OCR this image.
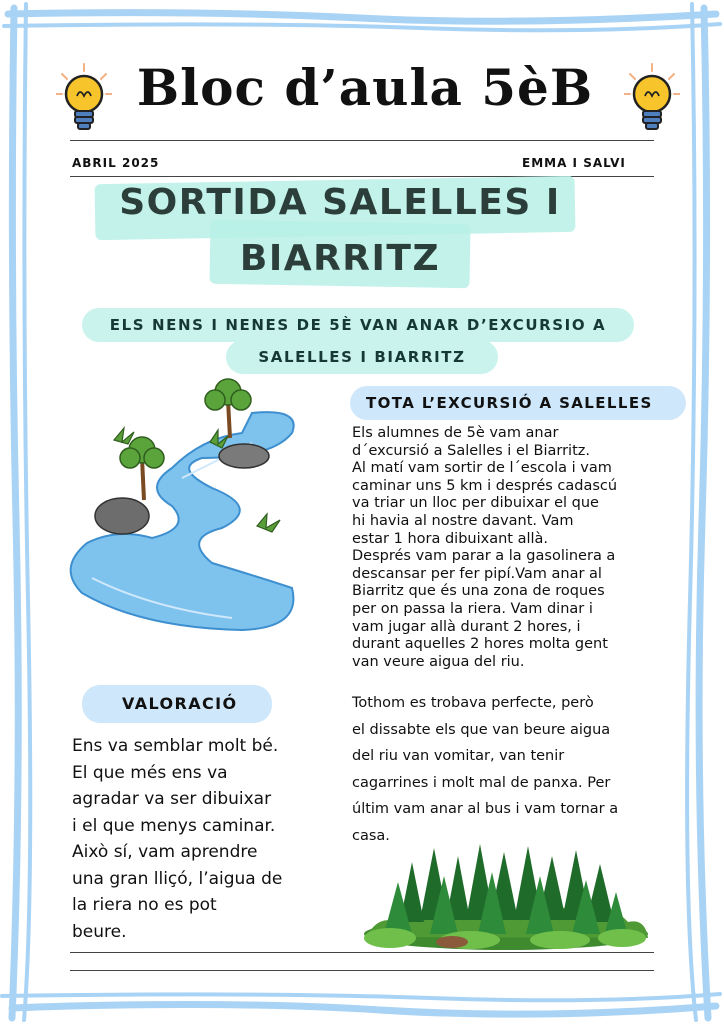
Bloc d’aula 5èB
ABRIL 2025	EMMA I SALVI
SORTIDA SALELLES I
BIARRITZ
ELS NENS I NENES DE 5È VAN ANAR D’EXCURSIO A
SALELLES I BIARRITZ
TOTA L’EXCURSIÓ A SALELLES
Els alumnes de 5è vam anar
d´excursió a Salelles i el Biarritz.
Al matí vam sortir de l´escola i vam
caminar uns 5 km i després cadascú
va triar un lloc per dibuixar el que
hi havia al nostre davant. Vam
estar 1 hora dibuixant allà.
Després vam parar a la gasolinera a
descansar per fer pipí.Vam anar al
Biarritz que és una zona de roques
per on passa la riera. Vam dinar i
vam jugar allà durant 2 hores, i
durant aquelles 2 hores molta gent
van veure aigua del riu.
Tothom es trobava perfecte, però
el dissabte els que van beure aigua
del riu van vomitar, van tenir
cagarrines i molt mal de panxa. Per
últim vam anar al bus i vam tornar a
casa.
VALORACIÓ
Ens va semblar molt bé.
El que més ens va
agradar va ser dibuixar
i el que menys caminar.
Això sí, vam aprendre
una gran lliçó, l’aigua de
la riera no es pot
beure.
